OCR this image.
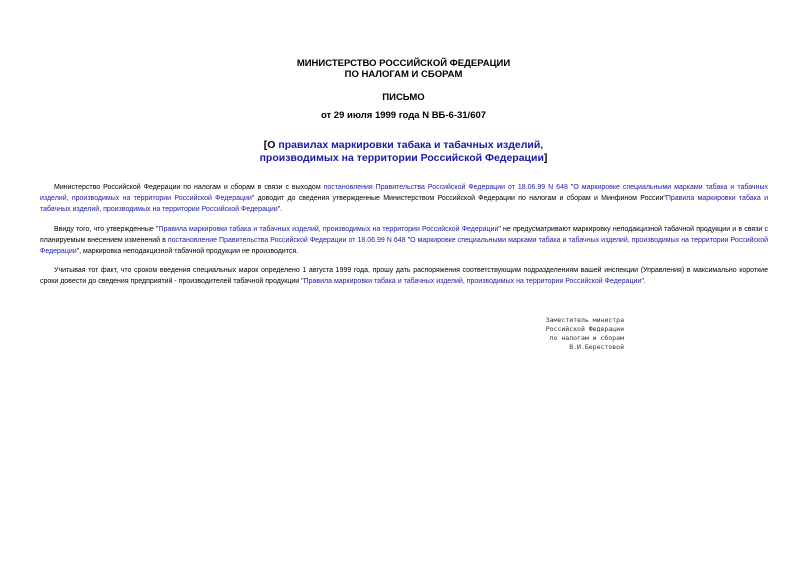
МИНИСТЕРСТВО РОССИЙСКОЙ ФЕДЕРАЦИИ
ПО НАЛОГАМ И СБОРАМ
ПИСЬМО
от 29 июля 1999 года N ВБ-6-31/607
[О правилах маркировки табака и табачных изделий,
производимых на территории Российской Федерации]
Министерство Российской Федерации по налогам и сборам в связи с выходом постановления Правительства Российской Федерации от 18.06.99 N 648 "О маркировке специальными марками табака и табачных изделий, производимых на территории Российской Федерации" доводит до сведения утвержденные Министерством Российской Федерации по налогам и сборам и Минфином России"Правила маркировки табака и табачных изделий, производимых на территории Российской Федерации".
Ввиду того, что утвержденные "Правила маркировки табака и табачных изделий, производимых на территории Российской Федерации" не предусматривают маркировку неподакцизной табачной продукции и в связи с планируемым внесением изменений в постановление Правительства Российской Федерации от 18.06.99 N 648 "О маркировке специальными марками табака и табачных изделий, производимых на территории Российской Федерации", маркировка неподакцизной табачной продукции не производится.
Учитывая тот факт, что сроком введения специальных марок определено 1 августа 1999 года, прошу дать распоряжения соответствующим подразделениям вашей инспекции (Управления) в максимально короткие сроки довести до сведения предприятий - производителей табачной продукции "Правила маркировки табака и табачных изделий, производимых на территории Российской Федерации".
Заместитель министра
Российской Федерации
по налогам и сборам
В.И.Берестовой
